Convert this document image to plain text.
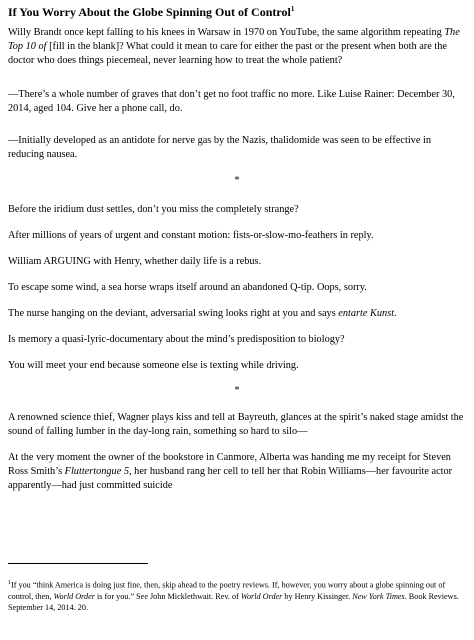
If You Worry About the Globe Spinning Out of Control$^1$

Willy Brandt once kept falling to his knees in Warsaw in 1970 on YouTube, the same algorithm repeating The Top 10 of [fill in the blank]? What could it mean to care for either the past or the present when both are the doctor who does things piecemeal, never learning how to treat the whole patient?

—There’s a whole number of graves that don’t get no foot traffic no more. Like Luise Rainer: December 30, 2014, aged 104. Give her a phone call, do.

—Initially developed as an antidote for nerve gas by the Nazis, thalidomide was seen to be effective in reducing nausea.

*

Before the iridium dust settles, don’t you miss the completely strange?

After millions of years of urgent and constant motion: fists-or-slow-mo-feathers in reply.

William ARGUING with Henry, whether daily life is a rebus.

To escape some wind, a sea horse wraps itself around an abandoned Q-tip. Oops, sorry.

The nurse hanging on the deviant, adversarial swing looks right at you and says entarte Kunst.

Is memory a quasi-lyric-documentary about the mind’s predisposition to biology?

You will meet your end because someone else is texting while driving.

*

A renowned science thief, Wagner plays kiss and tell at Bayreuth, glances at the spirit’s naked stage amidst the sound of falling lumber in the day-long rain, something so hard to silo—

At the very moment the owner of the bookstore in Canmore, Alberta was handing me my receipt for Steven Ross Smith’s Fluttertongue 5, her husband rang her cell to tell her that Robin Williams—her favourite actor apparently—had just committed suicide

$^1$If you “think America is doing just fine, then, skip ahead to the poetry reviews. If, however, you worry about a globe spinning out of control, then, World Order is for you.” See John Micklethwait. Rev. of World Order by Henry Kissinger. New York Times. Book Reviews. September 14, 2014. 20.
